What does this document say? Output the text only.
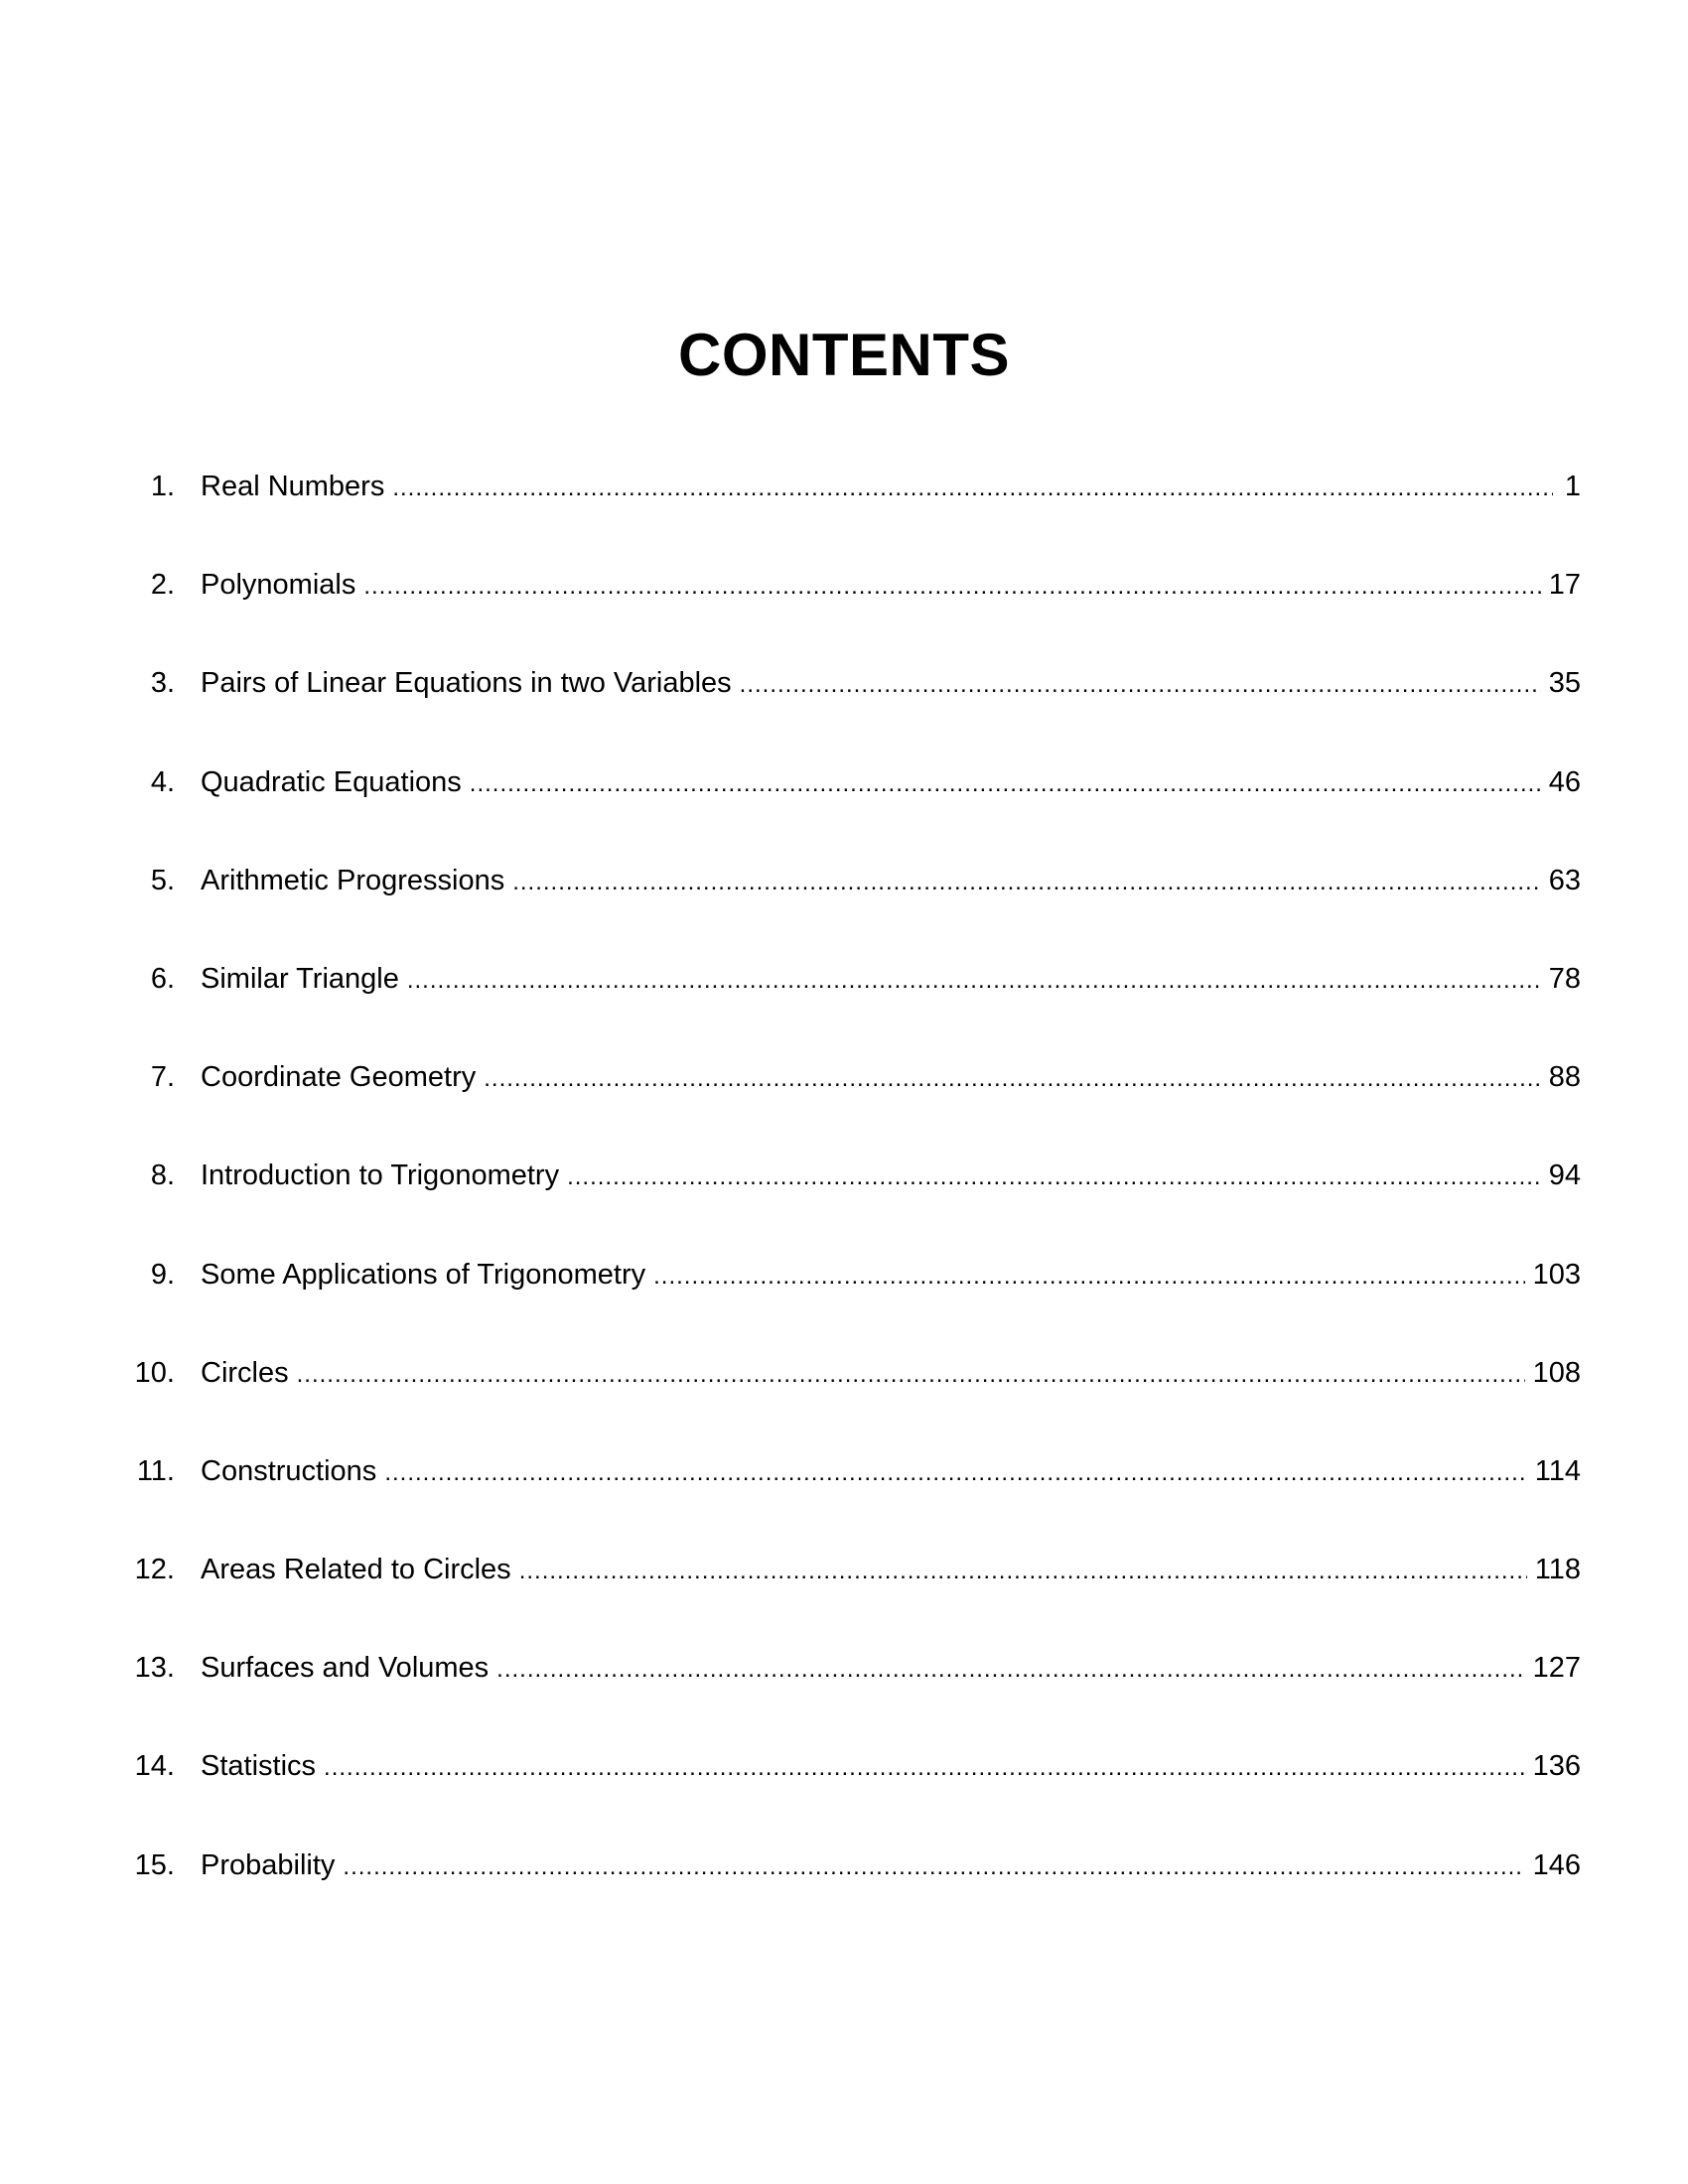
CONTENTS
1. Real Numbers .....	1
2. Polynomials .....	17
3. Pairs of Linear Equations in two Variables .....	35
4. Quadratic Equations .....	46
5. Arithmetic Progressions .....	63
6. Similar Triangle .....	78
7. Coordinate Geometry .....	88
8. Introduction to Trigonometry .....	94
9. Some Applications of Trigonometry .....	103
10. Circles .....	108
11. Constructions .....	114
12. Areas Related to Circles .....	118
13. Surfaces and Volumes .....	127
14. Statistics .....	136
15. Probability .....	146
